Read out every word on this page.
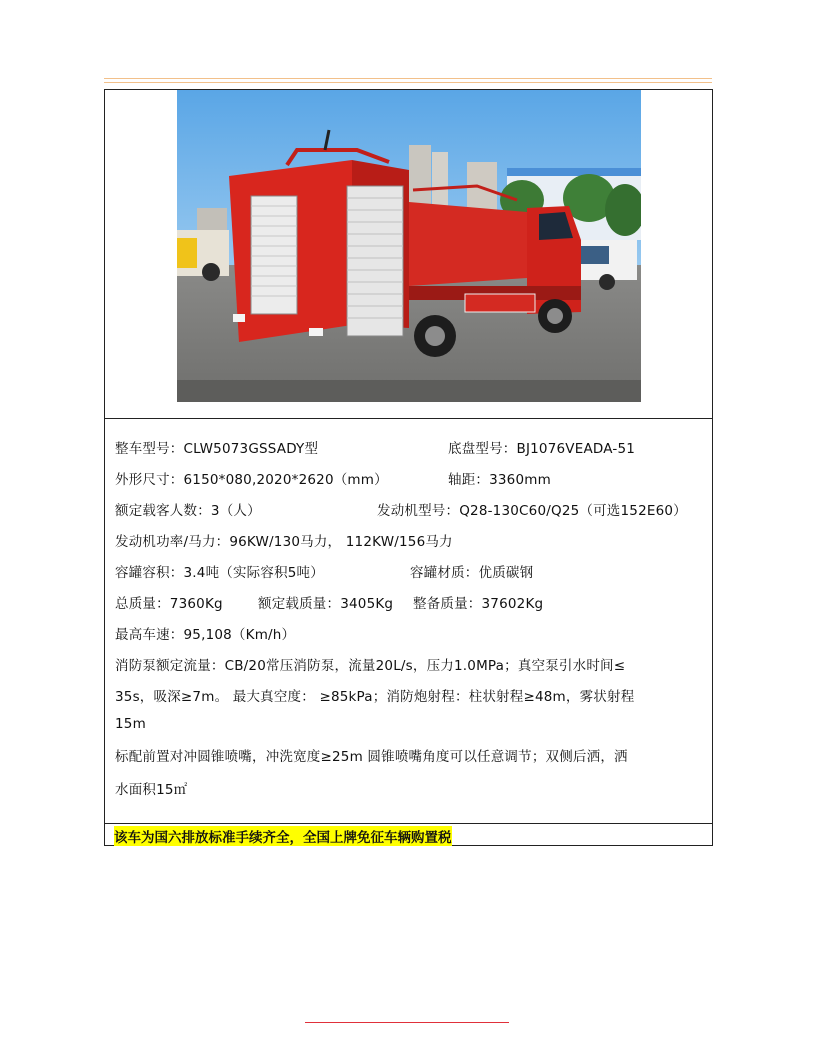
整车型号：CLW5073GSSADY型	底盘型号：BJ1076VEADA-51
外形尺寸：6150*080,2020*2620（mm）	轴距：3360mm
额定载客人数：3（人）	发动机型号：Q28-130C60/Q25（可选152E60）
发动机功率/马力：96KW/130马力， 112KW/156马力
容罐容积：3.4吨（实际容积5吨）	容罐材质：优质碳钢
总质量：7360Kg	额定载质量：3405Kg 整备质量：37602Kg
最高车速：95,108（Km/h）
消防泵额定流量：CB/20常压消防泵，流量20L/s，压力1.0MPa；真空泵引水时间≤
35s，吸深≥7m。 最大真空度： ≥85kPa；消防炮射程：柱状射程≥48m，雾状射程
15m
标配前置对冲圆锥喷嘴，冲洗宽度≥25m 圆锥喷嘴角度可以任意调节；双侧后洒，洒
水面积15㎡
该车为国六排放标准手续齐全，全国上牌免征车辆购置税
